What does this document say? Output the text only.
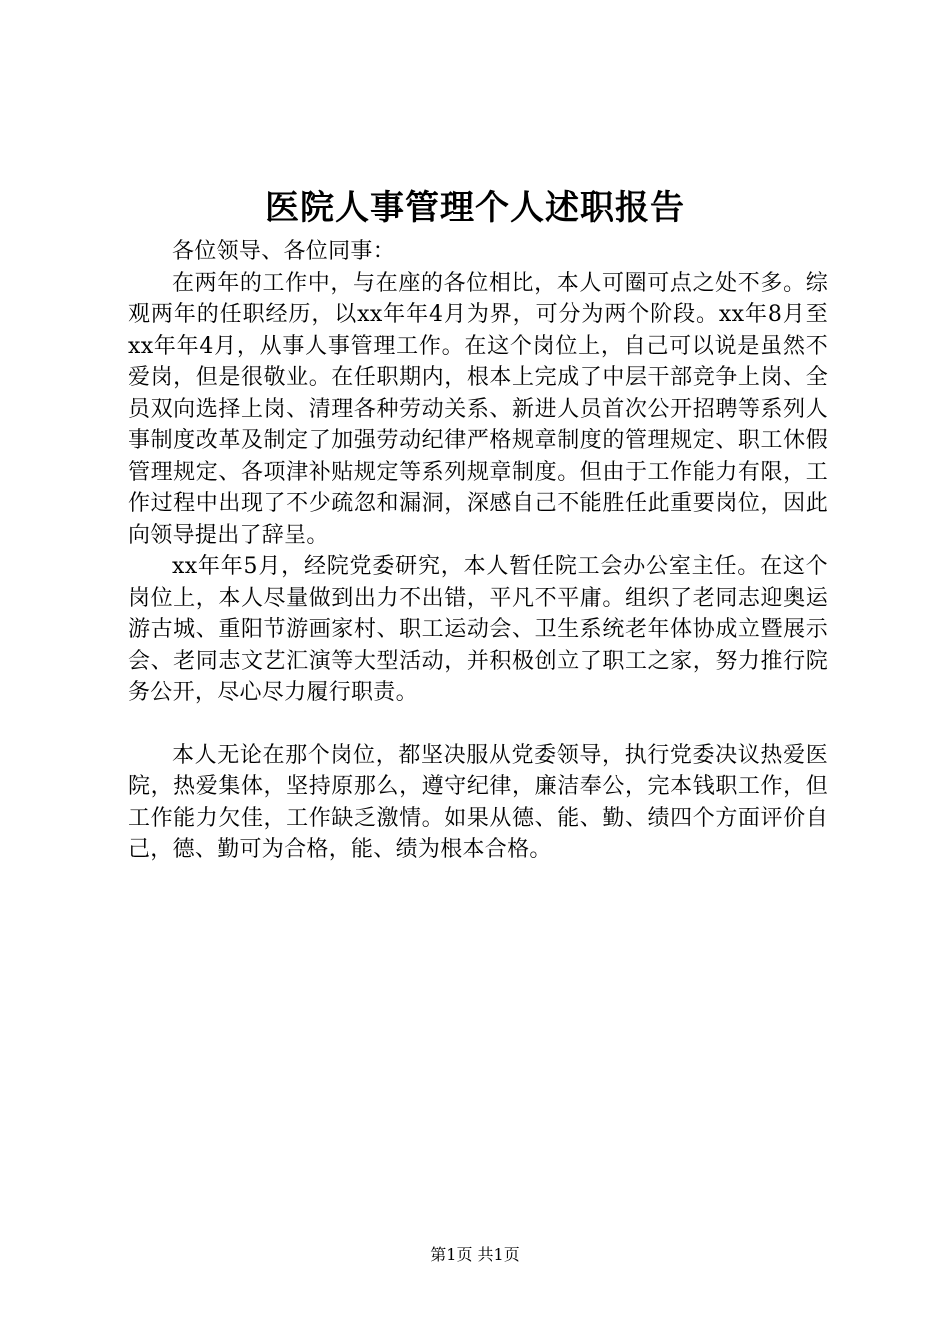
医院人事管理个人述职报告

各位领导、各位同事：

在两年的工作中，与在座的各位相比，本人可圈可点之处不多。综观两年的任职经历，以xx年年4月为界，可分为两个阶段。xx年8月至xx年年4月，从事人事管理工作。在这个岗位上，自己可以说是虽然不爱岗，但是很敬业。在任职期内，根本上完成了中层干部竞争上岗、全员双向选择上岗、清理各种劳动关系、新进人员首次公开招聘等系列人事制度改革及制定了加强劳动纪律严格规章制度的管理规定、职工休假管理规定、各项津补贴规定等系列规章制度。但由于工作能力有限，工作过程中出现了不少疏忽和漏洞，深感自己不能胜任此重要岗位，因此向领导提出了辞呈。

xx年年5月，经院党委研究，本人暂任院工会办公室主任。在这个岗位上，本人尽量做到出力不出错，平凡不平庸。组织了老同志迎奥运游古城、重阳节游画家村、职工运动会、卫生系统老年体协成立暨展示会、老同志文艺汇演等大型活动，并积极创立了职工之家，努力推行院务公开，尽心尽力履行职责。

本人无论在那个岗位，都坚决服从党委领导，执行党委决议热爱医院，热爱集体，坚持原那么，遵守纪律，廉洁奉公，完本钱职工作，但工作能力欠佳，工作缺乏激情。如果从德、能、勤、绩四个方面评价自己，德、勤可为合格，能、绩为根本合格。

第1页 共1页
